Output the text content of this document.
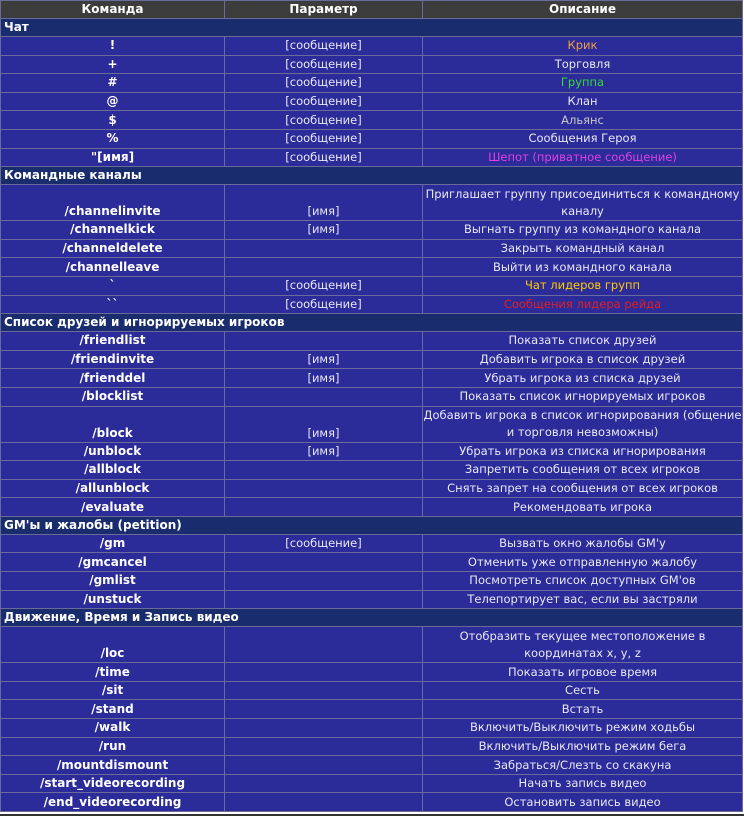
Команда	Параметр	Описание
Чат		
!	[сообщение]	Крик
+	[сообщение]	Торговля
#	[сообщение]	Группа
@	[сообщение]	Клан
$	[сообщение]	Альянс
%	[сообщение]	Сообщения Героя
"[имя]	[сообщение]	Шепот (приватное сообщение)
Командные каналы		
/channelinvite	[имя]	Приглашает группу присоединиться к командному каналу
/channelkick	[имя]	Выгнать группу из командного канала
/channeldelete		Закрыть командный канал
/channelleave		Выйти из командного канала
`	[сообщение]	Чат лидеров групп
``	[сообщение]	Сообщения лидера рейда
Список друзей и игнорируемых игроков		
/friendlist		Показать список друзей
/friendinvite	[имя]	Добавить игрока в список друзей
/frienddel	[имя]	Убрать игрока из списка друзей
/blocklist		Показать список игнорируемых игроков
/block	[имя]	Добавить игрока в список игнорирования (общение и торговля невозможны)
/unblock	[имя]	Убрать игрока из списка игнорирования
/allblock		Запретить сообщения от всех игроков
/allunblock		Снять запрет на сообщения от всех игроков
/evaluate		Рекомендовать игрока
GM'ы и жалобы (petition)		
/gm	[сообщение]	Вызвать окно жалобы GM'у
/gmcancel		Отменить уже отправленную жалобу
/gmlist		Посмотреть список доступных GM'ов
/unstuck		Телепортирует вас, если вы застряли
Движение, Время и Запись видео		
/loc		Отобразить текущее местоположение в координатах x, y, z
/time		Показать игровое время
/sit		Сесть
/stand		Встать
/walk		Включить/Выключить режим ходьбы
/run		Включить/Выключить режим бега
/mountdismount		Забраться/Слезть со скакуна
/start_videorecording		Начать запись видео
/end_videorecording		Остановить запись видео
